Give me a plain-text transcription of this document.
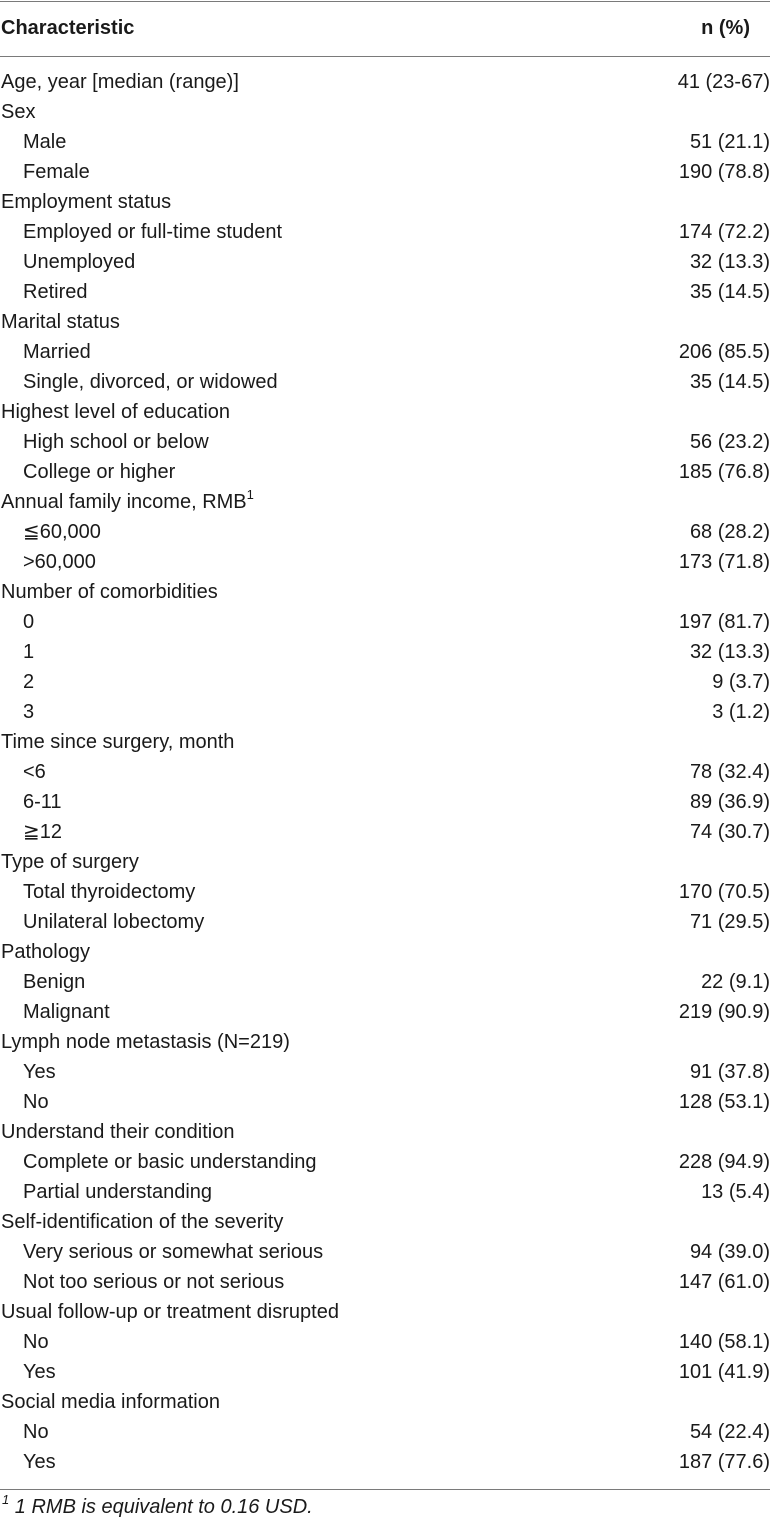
Characteristic	n (%)
Age, year [median (range)]	41 (23-67)
Sex
Male	51 (21.1)
Female	190 (78.8)
Employment status
Employed or full-time student	174 (72.2)
Unemployed	32 (13.3)
Retired	35 (14.5)
Marital status
Married	206 (85.5)
Single, divorced, or widowed	35 (14.5)
Highest level of education
High school or below	56 (23.2)
College or higher	185 (76.8)
Annual family income, RMB$^1$
≦60,000	68 (28.2)
>60,000	173 (71.8)
Number of comorbidities
0	197 (81.7)
1	32 (13.3)
2	9 (3.7)
3	3 (1.2)
Time since surgery, month
<6	78 (32.4)
6-11	89 (36.9)
≧12	74 (30.7)
Type of surgery
Total thyroidectomy	170 (70.5)
Unilateral lobectomy	71 (29.5)
Pathology
Benign	22 (9.1)
Malignant	219 (90.9)
Lymph node metastasis (N=219)
Yes	91 (37.8)
No	128 (53.1)
Understand their condition
Complete or basic understanding	228 (94.9)
Partial understanding	13 (5.4)
Self-identification of the severity
Very serious or somewhat serious	94 (39.0)
Not too serious or not serious	147 (61.0)
Usual follow-up or treatment disrupted
No	140 (58.1)
Yes	101 (41.9)
Social media information
No	54 (22.4)
Yes	187 (77.6)
$^1$ 1 RMB is equivalent to 0.16 USD.
